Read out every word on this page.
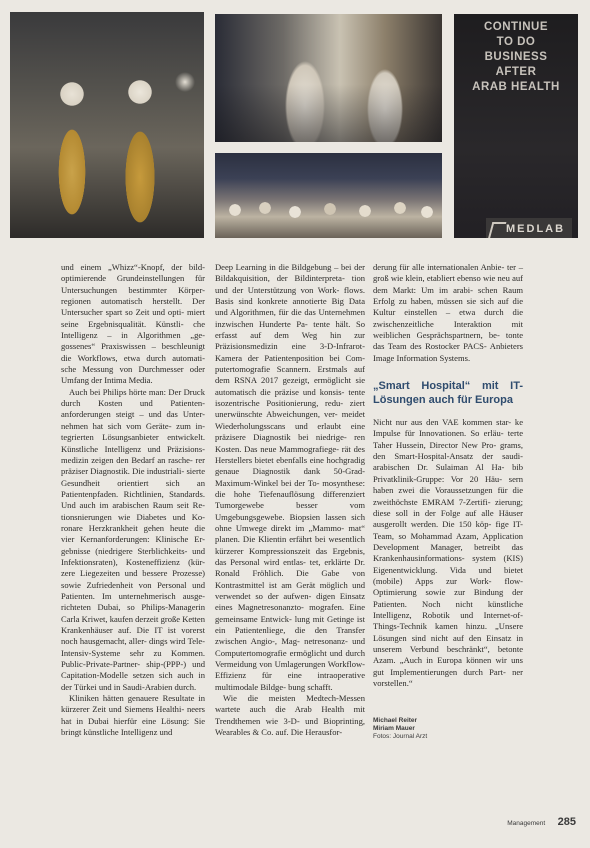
CONTINUE
TO DO
BUSINESS
AFTER
ARAB HEALTH
MEDLAB

und einem „Whizz“-Knopf, der bild- optimierende Grundeinstellungen für Untersuchungen bestimmter Körper- regionen automatisch herstellt. Der Untersucher spart so Zeit und opti- miert seine Ergebnisqualität. Künstli- che Intelligenz – in Algorithmen „ge- gossenes“ Praxiswissen – beschleunigt die Workflows, etwa durch automati- sche Messung von Durchmesser oder Umfang der Intima Media.

Auch bei Philips hörte man: Der Druck durch Kosten und Patienten- anforderungen steigt – und das Unter- nehmen hat sich vom Geräte- zum in- tegrierten Lösungsanbieter entwickelt. Künstliche Intelligenz und Präzisions- medizin zeigen den Bedarf an rasche- rer präziser Diagnostik. Die industriali- sierte Gesundheit orientiert sich an Patientenpfaden. Richtlinien, Standards. Und auch im arabischen Raum seit Re- tionsnierungen wie Diabetes und Ko- ronare Herzkrankheit gehen heute die vier Kernanforderungen: Klinische Er- gebnisse (niedrigere Sterblichkeits- und Infektionsraten), Kosteneffizienz (kür- zere Liegezeiten und bessere Prozesse) sowie Zufriedenheit von Personal und Patienten. Im unternehmerisch ausge- richteten Dubai, so Philips-Managerin Carla Kriwet, kaufen derzeit große Ketten Krankenhäuser auf. Die IT ist vorerst noch hausgemacht, aller- dings wird Tele-Intensiv-Systeme sehr zu Kommen. Public-Private-Partner- ship-(PPP-) und Capitation-Modelle setzen sich auch in der Türkei und in Saudi-Arabien durch.

Kliniken hätten genauere Resultate in kürzerer Zeit und Siemens Healthi- neers hat in Dubai hierfür eine Lösung: Sie bringt künstliche Intelligenz und

Deep Learning in die Bildgebung – bei der Bildakquisition, der Bildinterpreta- tion und der Unterstützung von Work- flows. Basis sind konkrete annotierte Big Data und Algorithmen, für die das Unternehmen inzwischen Hunderte Pa- tente hält. So erfasst auf dem Weg hin zur Präzisionsmedizin eine 3-D-Infrarot- Kamera der Patientenposition bei Com- putertomografie Scannern. Erstmals auf dem RSNA 2017 gezeigt, ermöglicht sie automatisch die präzise und konsis- tente isozentrische Positionierung, redu- ziert unerwünschte Abweichungen, ver- meidet Wiederholungsscans und erlaubt eine präzisere Diagnostik bei niedrige- ren Kosten. Das neue Mammografiege- rät des Herstellers bietet ebenfalls eine hochgradig genaue Diagnostik dank 50-Grad-Maximum-Winkel bei der To- mosynthese: die hohe Tiefenauflösung differenziert Tumorgewebe besser vom Umgebungsgewebe. Biopsien lassen sich ohne Umwege direkt im „Mammo- mat“ planen. Die Klientin erfährt bei wesentlich kürzerer Kompressionszeit das Ergebnis, das Personal wird entlas- tet, erklärte Dr. Ronald Fröhlich. Die Gabe von Kontrastmittel ist am Gerät möglich und verwendet so der aufwen- digen Einsatz eines Magnetresonanzto- mografen. Eine gemeinsame Entwick- lung mit Getinge ist ein Patientenliege, die den Transfer zwischen Angio-, Mag- netresonanz- und Computertomografie ermöglicht und durch Vermeidung von Umlagerungen Workflow-Effizienz für eine intraoperative multimodale Bildge- bung schafft.

Wie die meisten Medtech-Messen wartete auch die Arab Health mit Trendthemen wie 3-D- und Bioprinting, Wearables & Co. auf. Die Herausfor-

derung für alle internationalen Anbie- ter – groß wie klein, etabliert ebenso wie neu auf dem Markt: Um im arabi- schen Raum Erfolg zu haben, müssen sie sich auf die Kultur einstellen – etwa durch die zwischenzeitliche Interaktion mit weiblichen Gesprächspartnern, be- tonte das Team des Rostocker PACS- Anbieters Image Information Systems.

„Smart Hospital“ mit IT- Lösungen auch für Europa

Nicht nur aus den VAE kommen star- ke Impulse für Innovationen. So erläu- terte Taher Hussein, Director New Pro- grams, den Smart-Hospital-Ansatz der saudi-arabischen Dr. Sulaiman Al Ha- bib Privatklinik-Gruppe: Vor 20 Häu- sern haben zwei die Voraussetzungen für die zweithöchste EMRAM 7-Zertifi- zierung; diese soll in der Folge auf alle Häuser ausgerollt werden. Die 150 köp- fige IT-Team, so Mohammad Azam, Application Development Manager, betreibt das Krankenhausinformations- system (KIS) Eigenentwicklung. Vida und bietet (mobile) Apps zur Work- flow-Optimierung sowie zur Bindung der Patienten. Noch nicht künstliche Intelligenz, Robotik und Internet-of- Things-Technik kamen hinzu. „Unsere Lösungen sind nicht auf den Einsatz in unserem Verbund beschränkt“, betonte Azam. „Auch in Europa können wir uns gut Implementierungen durch Part- ner vorstellen.“

Michael Reiter
Miriam Mauer
Fotos: Journal Arzt
Management 285
